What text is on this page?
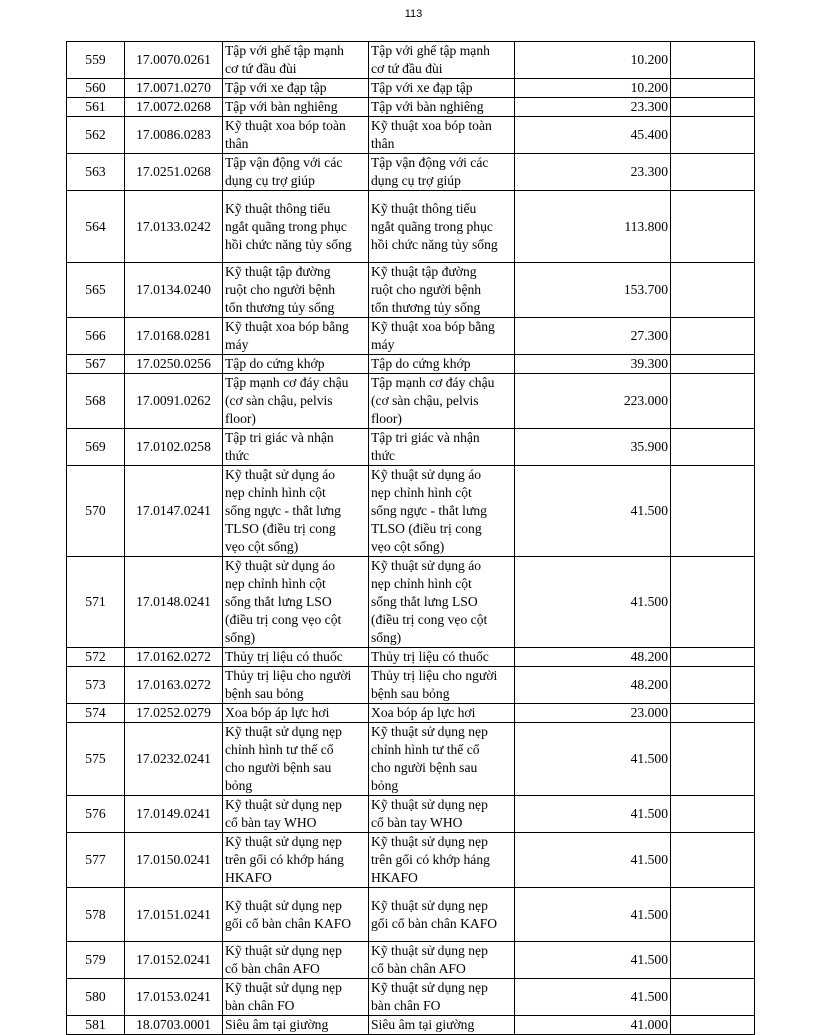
113
559	17.0070.0261	Tập với ghế tập mạnh
cơ tứ đầu đùi	Tập với ghế tập mạnh
cơ tứ đầu đùi	10.200	
560	17.0071.0270	Tập với xe đạp tập	Tập với xe đạp tập	10.200	
561	17.0072.0268	Tập với bàn nghiêng	Tập với bàn nghiêng	23.300	
562	17.0086.0283	Kỹ thuật xoa bóp toàn
thân	Kỹ thuật xoa bóp toàn
thân	45.400	
563	17.0251.0268	Tập vận động với các
dụng cụ trợ giúp	Tập vận động với các
dụng cụ trợ giúp	23.300	
564	17.0133.0242	Kỹ thuật thông tiểu
ngắt quãng trong phục
hồi chức năng tủy sống	Kỹ thuật thông tiểu
ngắt quãng trong phục
hồi chức năng tủy sống	113.800	
565	17.0134.0240	Kỹ thuật tập đường
ruột cho người bệnh
tổn thương tủy sống	Kỹ thuật tập đường
ruột cho người bệnh
tổn thương tủy sống	153.700	
566	17.0168.0281	Kỹ thuật xoa bóp bằng
máy	Kỹ thuật xoa bóp bằng
máy	27.300	
567	17.0250.0256	Tập do cứng khớp	Tập do cứng khớp	39.300	
568	17.0091.0262	Tập mạnh cơ đáy chậu
(cơ sàn chậu, pelvis
floor)	Tập mạnh cơ đáy chậu
(cơ sàn chậu, pelvis
floor)	223.000	
569	17.0102.0258	Tập tri giác và nhận
thức	Tập tri giác và nhận
thức	35.900	
570	17.0147.0241	Kỹ thuật sử dụng áo
nẹp chỉnh hình cột
sống ngực - thắt lưng
TLSO (điều trị cong
vẹo cột sống)	Kỹ thuật sử dụng áo
nẹp chỉnh hình cột
sống ngực - thắt lưng
TLSO (điều trị cong
vẹo cột sống)	41.500	
571	17.0148.0241	Kỹ thuật sử dụng áo
nẹp chỉnh hình cột
sống thắt lưng LSO
(điều trị cong vẹo cột
sống)	Kỹ thuật sử dụng áo
nẹp chỉnh hình cột
sống thắt lưng LSO
(điều trị cong vẹo cột
sống)	41.500	
572	17.0162.0272	Thủy trị liệu có thuốc	Thủy trị liệu có thuốc	48.200	
573	17.0163.0272	Thủy trị liệu cho người
bệnh sau bỏng	Thủy trị liệu cho người
bệnh sau bỏng	48.200	
574	17.0252.0279	Xoa bóp áp lực hơi	Xoa bóp áp lực hơi	23.000	
575	17.0232.0241	Kỹ thuật sử dụng nẹp
chỉnh hình tư thế cổ
cho người bệnh sau
bỏng	Kỹ thuật sử dụng nẹp
chỉnh hình tư thế cổ
cho người bệnh sau
bỏng	41.500	
576	17.0149.0241	Kỹ thuật sử dụng nẹp
cổ bàn tay WHO	Kỹ thuật sử dụng nẹp
cổ bàn tay WHO	41.500	
577	17.0150.0241	Kỹ thuật sử dụng nẹp
trên gối có khớp háng
HKAFO	Kỹ thuật sử dụng nẹp
trên gối có khớp háng
HKAFO	41.500	
578	17.0151.0241	Kỹ thuật sử dụng nẹp
gối cổ bàn chân KAFO	Kỹ thuật sử dụng nẹp
gối cổ bàn chân KAFO	41.500	
579	17.0152.0241	Kỹ thuật sử dụng nẹp
cổ bàn chân AFO	Kỹ thuật sử dụng nẹp
cổ bàn chân AFO	41.500	
580	17.0153.0241	Kỹ thuật sử dụng nẹp
bàn chân FO	Kỹ thuật sử dụng nẹp
bàn chân FO	41.500	
581	18.0703.0001	Siêu âm tại giường	Siêu âm tại giường	41.000	
